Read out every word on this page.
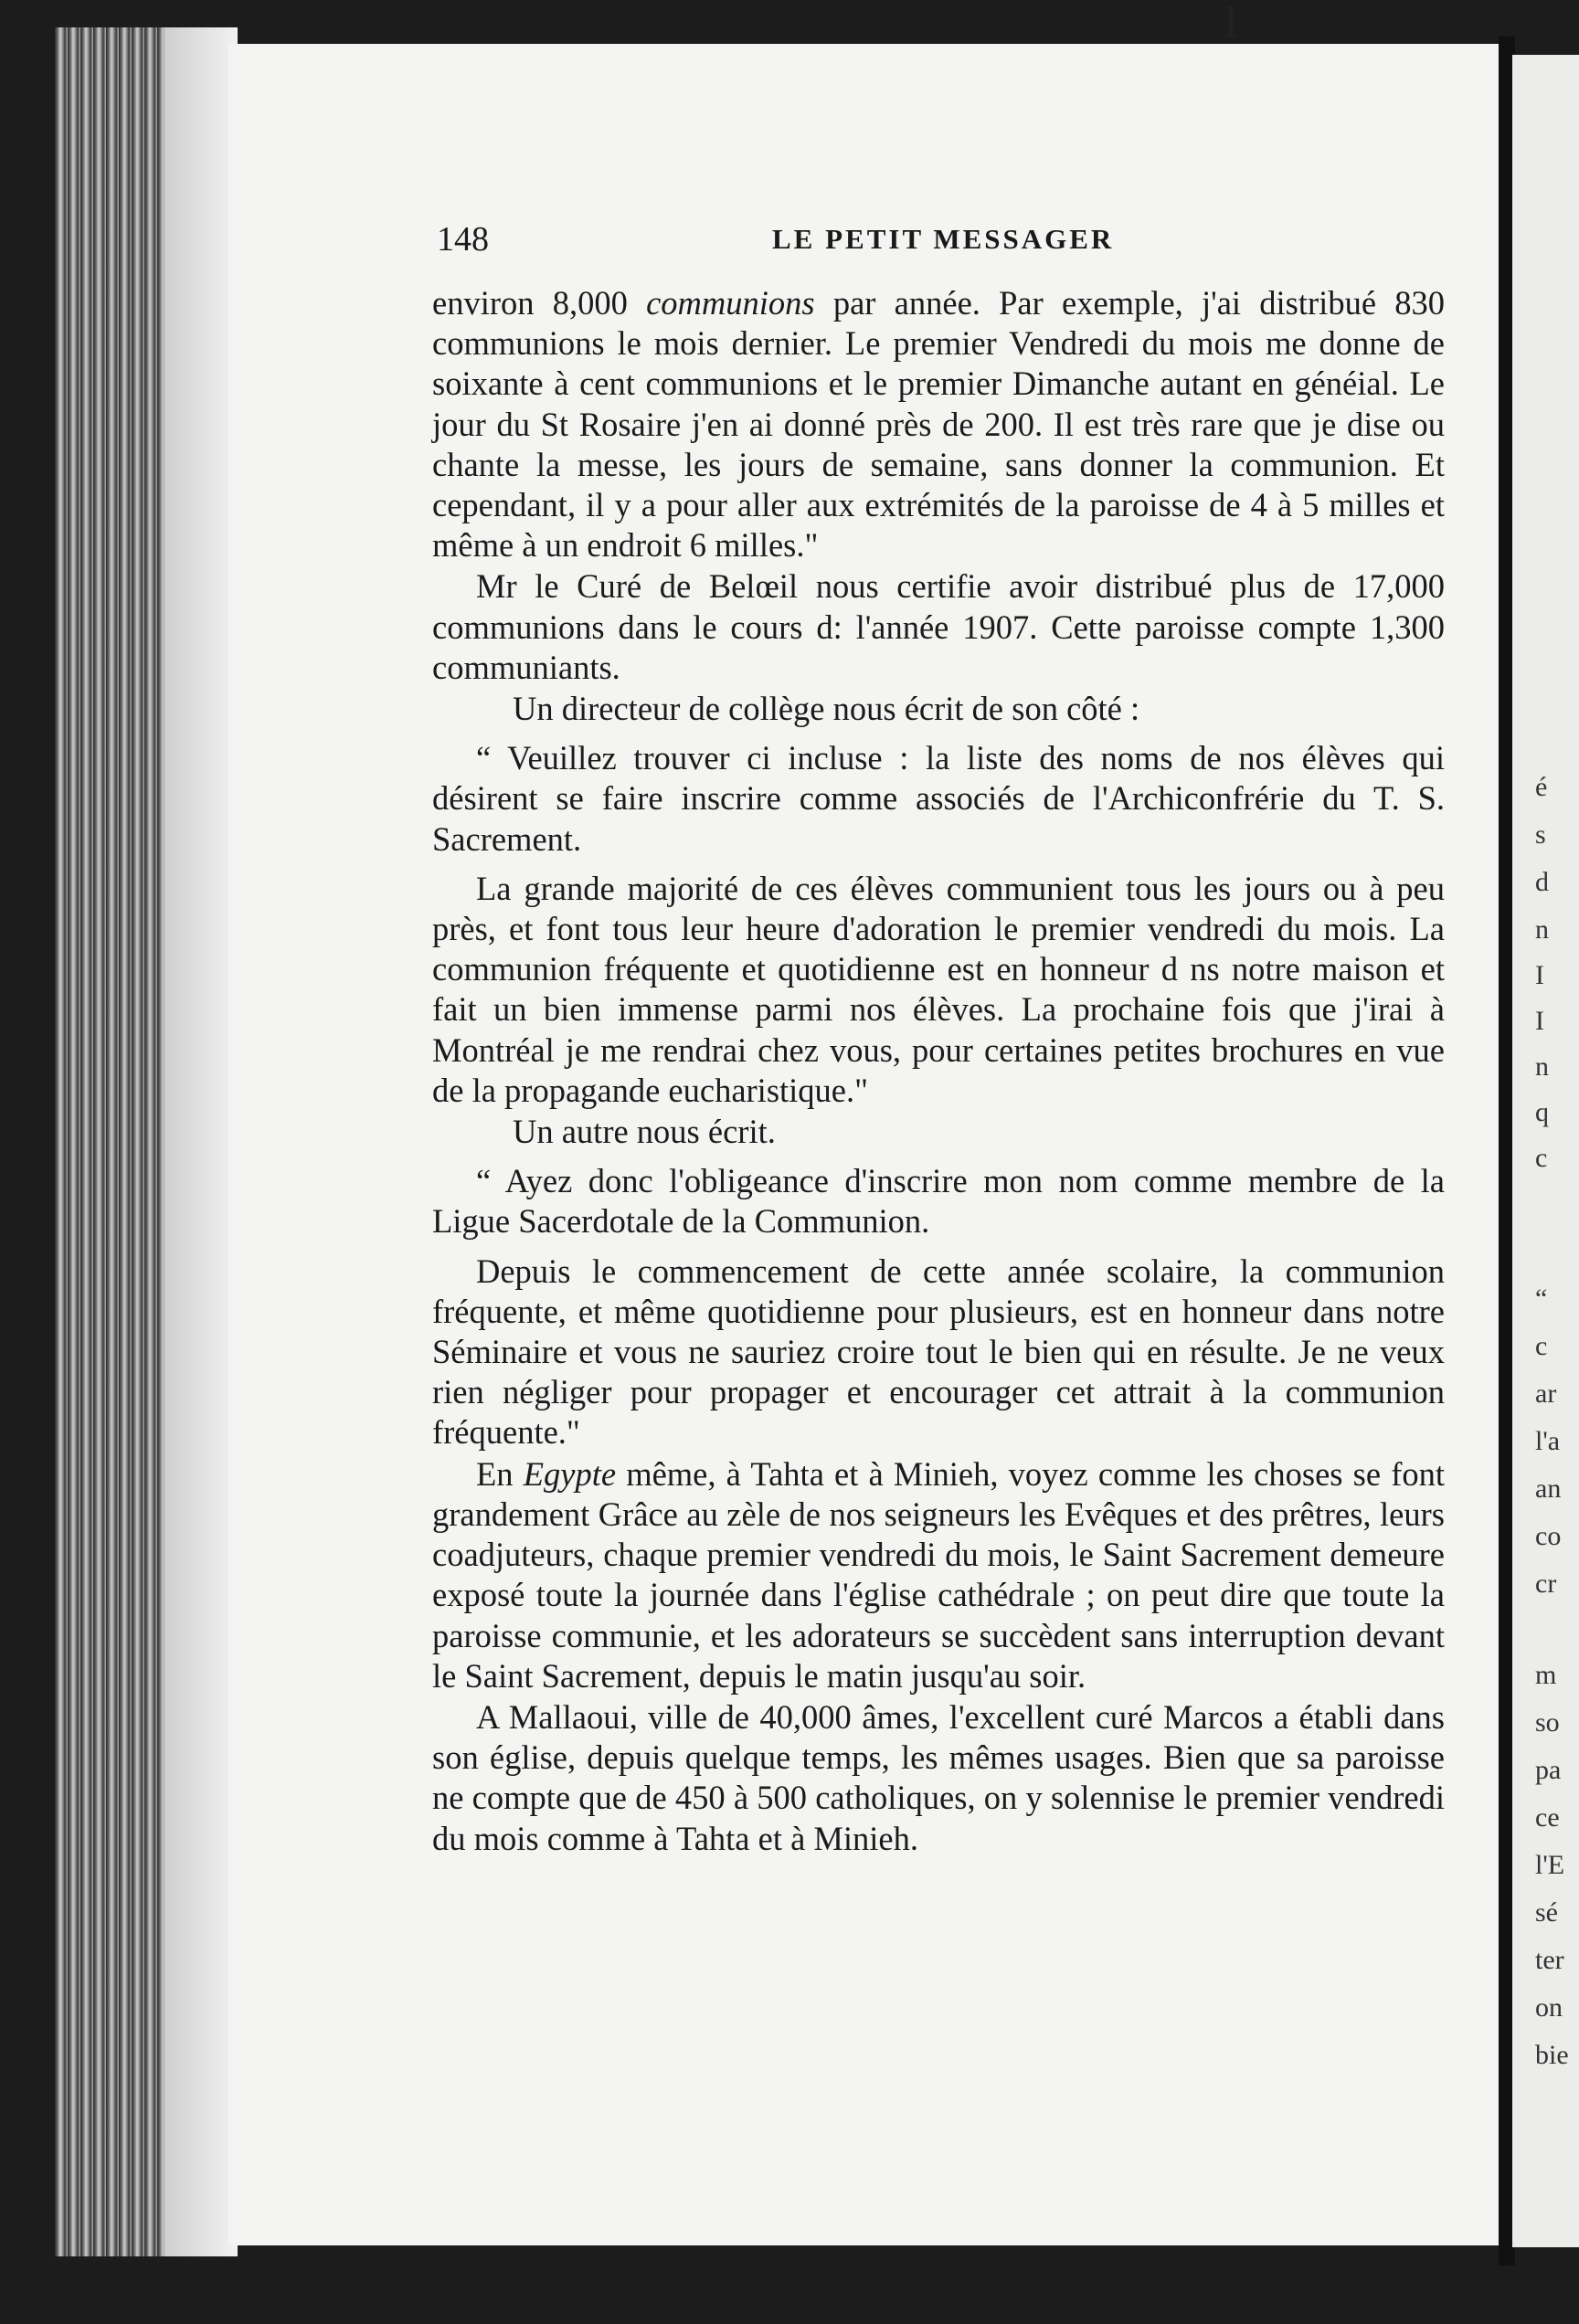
l
148	LE PETIT MESSAGER

environ 8,000 communions par année. Par exemple, j'ai distribué 830 communions le mois dernier. Le premier Vendredi du mois me donne de soixante à cent communions et le premier Dimanche autant en généial. Le jour du St Rosaire j'en ai donné près de 200. Il est très rare que je dise ou chante la messe, les jours de semaine, sans donner la communion. Et cependant, il y a pour aller aux extrémités de la paroisse de 4 à 5 milles et même à un endroit 6 milles."

Mr le Curé de Belœil nous certifie avoir distribué plus de 17,000 communions dans le cours d: l'année 1907. Cette paroisse compte 1,300 communiants.

Un directeur de collège nous écrit de son côté :

“ Veuillez trouver ci incluse : la liste des noms de nos élèves qui désirent se faire inscrire comme associés de l'Archiconfrérie du T. S. Sacrement.

La grande majorité de ces élèves communient tous les jours ou à peu près, et font tous leur heure d'adoration le premier vendredi du mois. La communion fréquente et quotidienne est en honneur d ns notre maison et fait un bien immense parmi nos élèves. La prochaine fois que j'irai à Montréal je me rendrai chez vous, pour certaines petites brochures en vue de la propagande eucharistique."

Un autre nous écrit.

“ Ayez donc l'obligeance d'inscrire mon nom comme membre de la Ligue Sacerdotale de la Communion.

Depuis le commencement de cette année scolaire, la communion fréquente, et même quotidienne pour plusieurs, est en honneur dans notre Séminaire et vous ne sauriez croire tout le bien qui en résulte. Je ne veux rien négliger pour propager et encourager cet attrait à la communion fréquente."

En Egypte même, à Tahta et à Minieh, voyez comme les choses se font grandement Grâce au zèle de nos seigneurs les Evêques et des prêtres, leurs coadjuteurs, chaque premier vendredi du mois, le Saint Sacrement demeure exposé toute la journée dans l'église cathédrale ; on peut dire que toute la paroisse communie, et les adorateurs se succèdent sans interruption devant le Saint Sacrement, depuis le matin jusqu'au soir.

A Mallaoui, ville de 40,000 âmes, l'excellent curé Marcos a établi dans son église, depuis quelque temps, les mêmes usages. Bien que sa paroisse ne compte que de 450 à 500 catholiques, on y solennise le premier vendredi du mois comme à Tahta et à Minieh.

é
s
d
n
I
I
n
q
c
“
c
ar
l'a
an
co
cr
m
so
pa
ce
l'E
sé
ter
on
bie
